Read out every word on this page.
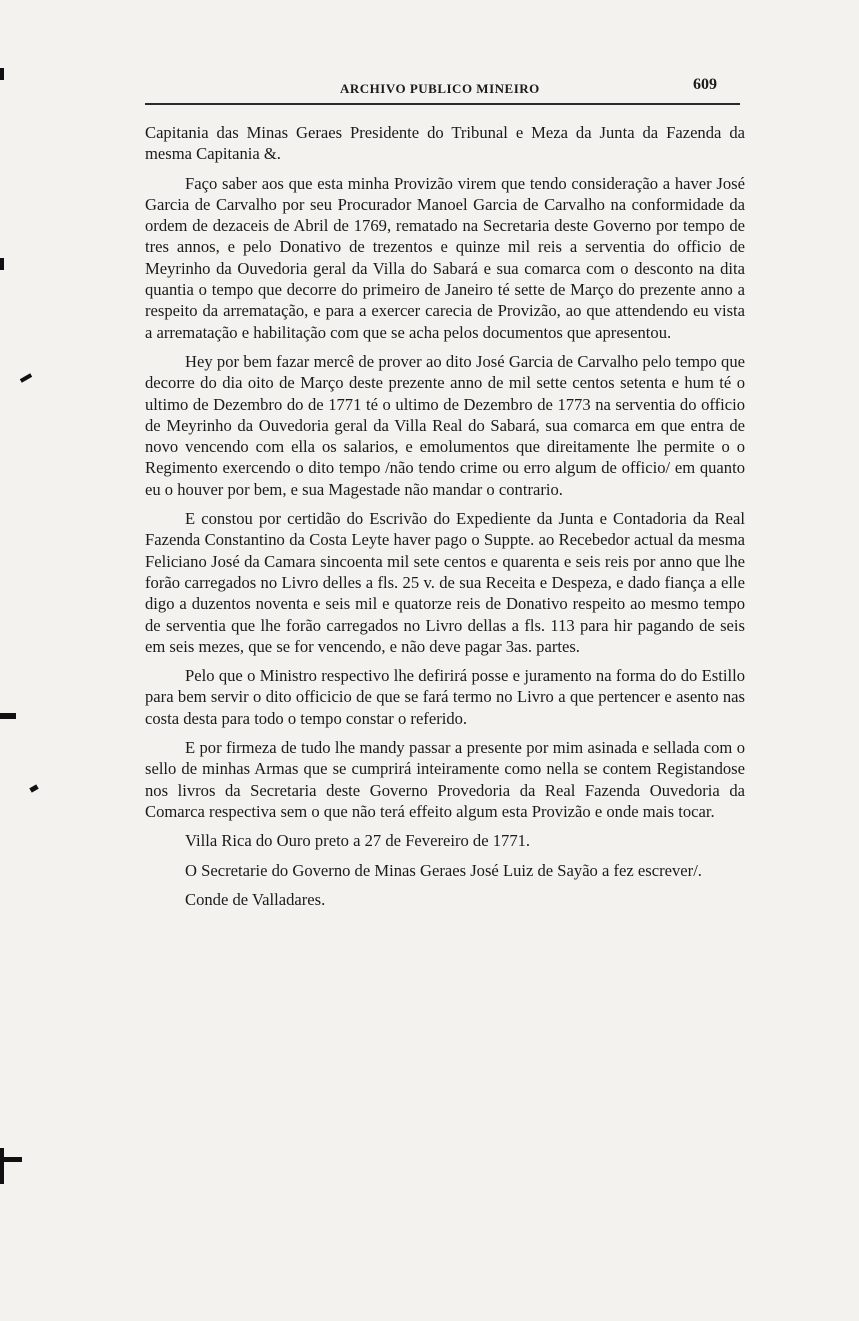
ARCHIVO PUBLICO MINEIRO	609

Capitania das Minas Geraes Presidente do Tribunal e Meza da Junta da Fazenda da mesma Capitania &.

Faço saber aos que esta minha Provizão virem que tendo consideração a haver José Garcia de Carvalho por seu Procurador Manoel Garcia de Carvalho na conformidade da ordem de dezaceis de Abril de 1769, rematado na Secretaria deste Governo por tempo de tres annos, e pelo Donativo de trezentos e quinze mil reis a serventia do officio de Meyrinho da Ouvedoria geral da Villa do Sabará e sua comarca com o desconto na dita quantia o tempo que decorre do primeiro de Janeiro té sette de Março do prezente anno a respeito da arrematação, e para a exercer carecia de Provizão, ao que attendendo eu vista a arrematação e habilitação com que se acha pelos documentos que apresentou.

Hey por bem fazar mercê de prover ao dito José Garcia de Carvalho pelo tempo que decorre do dia oito de Março deste prezente anno de mil sette centos setenta e hum té o ultimo de Dezembro do de 1771 té o ultimo de Dezembro de 1773 na serventia do officio de Meyrinho da Ouvedoria geral da Villa Real do Sabará, sua comarca em que entra de novo vencendo com ella os salarios, e emolumentos que direitamente lhe permite o o Regimento exercendo o dito tempo /não tendo crime ou erro algum de officio/ em quanto eu o houver por bem, e sua Magestade não mandar o contrario.

E constou por certidão do Escrivão do Expediente da Junta e Contadoria da Real Fazenda Constantino da Costa Leyte haver pago o Suppte. ao Recebedor actual da mesma Feliciano José da Camara sincoenta mil sete centos e quarenta e seis reis por anno que lhe forão carregados no Livro delles a fls. 25 v. de sua Receita e Despeza, e dado fiança a elle digo a duzentos noventa e seis mil e quatorze reis de Donativo respeito ao mesmo tempo de serventia que lhe forão carregados no Livro dellas a fls. 113 para hir pagando de seis em seis mezes, que se for vencendo, e não deve pagar 3as. partes.

Pelo que o Ministro respectivo lhe defirirá posse e juramento na forma do do Estillo para bem servir o dito officicio de que se fará termo no Livro a que pertencer e asento nas costa desta para todo o tempo constar o referido.

E por firmeza de tudo lhe mandy passar a presente por mim asinada e sellada com o sello de minhas Armas que se cumprirá inteiramente como nella se contem Registandose nos livros da Secretaria deste Governo Provedoria da Real Fazenda Ouvedoria da Comarca respectiva sem o que não terá effeito algum esta Provizão e onde mais tocar.

Villa Rica do Ouro preto a 27 de Fevereiro de 1771.

O Secretarie do Governo de Minas Geraes José Luiz de Sayão a fez escrever/.

Conde de Valladares.
